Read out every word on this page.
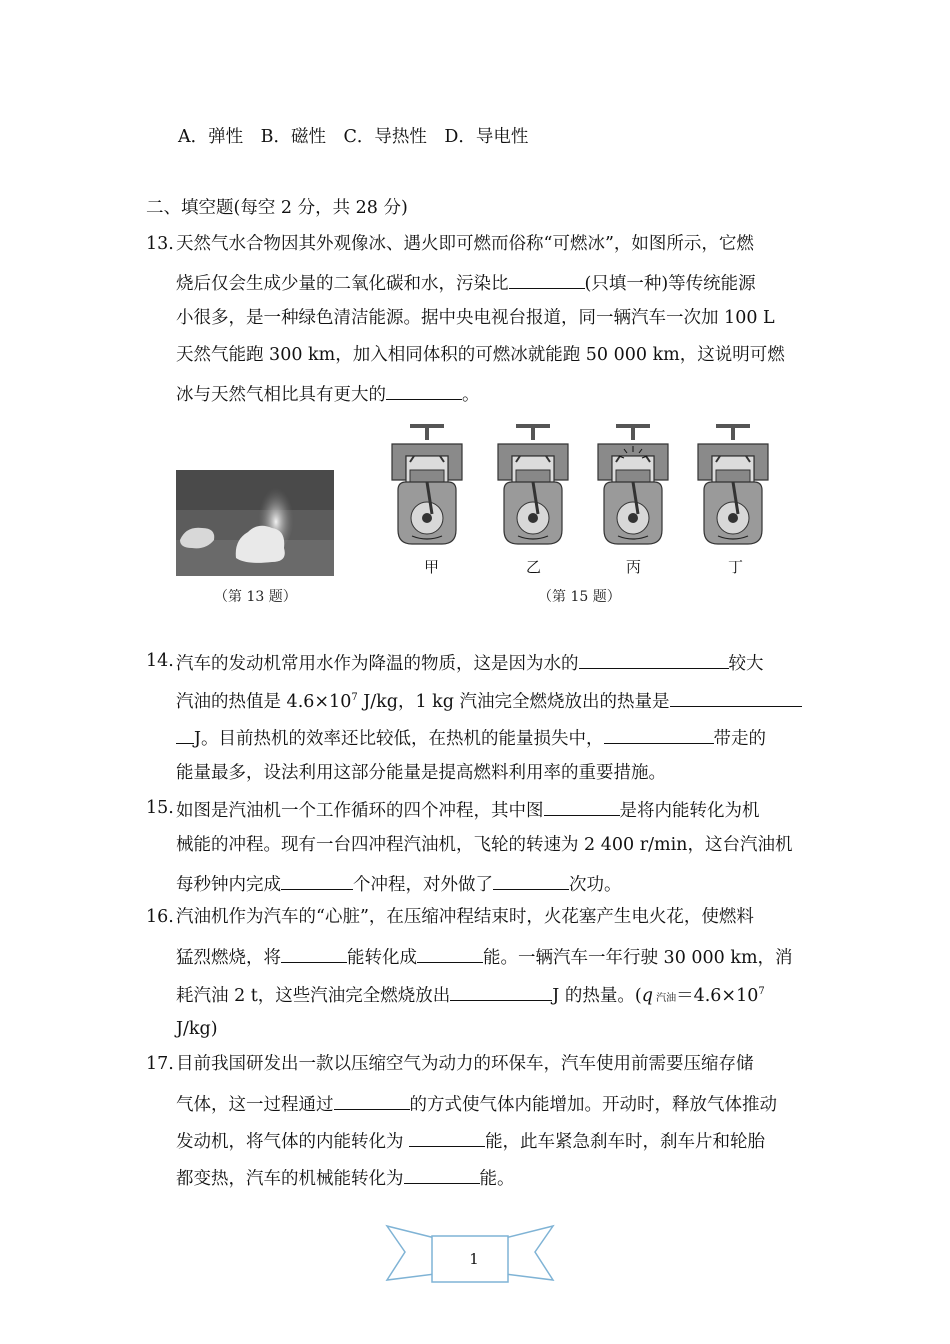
A．弹性　B．磁性　C．导热性　D．导电性
二、填空题(每空 2 分，共 28 分)
13. 天然气水合物因其外观像冰、遇火即可燃而俗称“可燃冰”，如图所示，它燃
烧后仅会生成少量的二氧化碳和水，污染比	(只填一种)等传统能源
小很多，是一种绿色清洁能源。据中央电视台报道，同一辆汽车一次加 100 L
天然气能跑 300 km，加入相同体积的可燃冰就能跑 50 000 km，这说明可燃
冰与天然气相比具有更大的	。
（第 13 题）
甲	乙	丙	丁
（第 15 题）
14. 汽车的发动机常用水作为降温的物质，这是因为水的	较大
汽油的热值是 $4.6\times 10^7$ J/kg，1 kg 汽油完全燃烧放出的热量是
J。目前热机的效率还比较低，在热机的能量损失中，	带走的
能量最多，设法利用这部分能量是提高燃料利用率的重要措施。
15. 如图是汽油机一个工作循环的四个冲程，其中图	是将内能转化为机
械能的冲程。现有一台四冲程汽油机，飞轮的转速为 2 400 r/min，这台汽油机
每秒钟内完成	个冲程，对外做了	次功。
16. 汽油机作为汽车的“心脏”，在压缩冲程结束时，火花塞产生电火花，使燃料
猛烈燃烧，将	能转化成	能。一辆汽车一年行驶 30 000 km，消
耗汽油 2 t，这些汽油完全燃烧放出	J 的热量。(q 汽油$=4.6\times 10^7$
J/kg)
17. 目前我国研发出一款以压缩空气为动力的环保车，汽车使用前需要压缩存储
气体，这一过程通过	的方式使气体内能增加。开动时，释放气体推动
发动机，将气体的内能转化为	能，此车紧急刹车时，刹车片和轮胎
都变热，汽车的机械能转化为	能。
1
